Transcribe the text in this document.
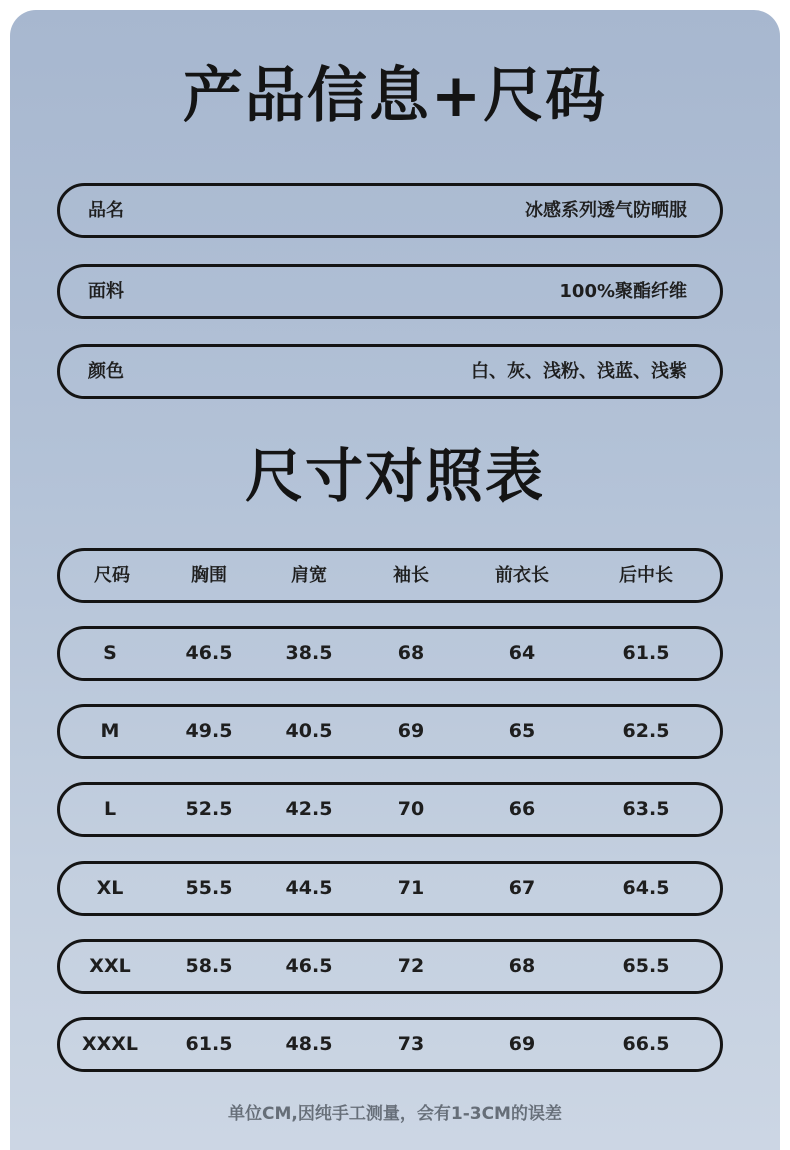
产品信息+尺码
品名	冰感系列透气防晒服
面料	100%聚酯纤维
颜色	白、灰、浅粉、浅蓝、浅紫
尺寸对照表
尺码	胸围	肩宽	袖长	前衣长	后中长
S	46.5	38.5	68	64	61.5
M	49.5	40.5	69	65	62.5
L	52.5	42.5	70	66	63.5
XL	55.5	44.5	71	67	64.5
XXL	58.5	46.5	72	68	65.5
XXXL	61.5	48.5	73	69	66.5
单位CM,因纯手工测量，会有1-3CM的误差
